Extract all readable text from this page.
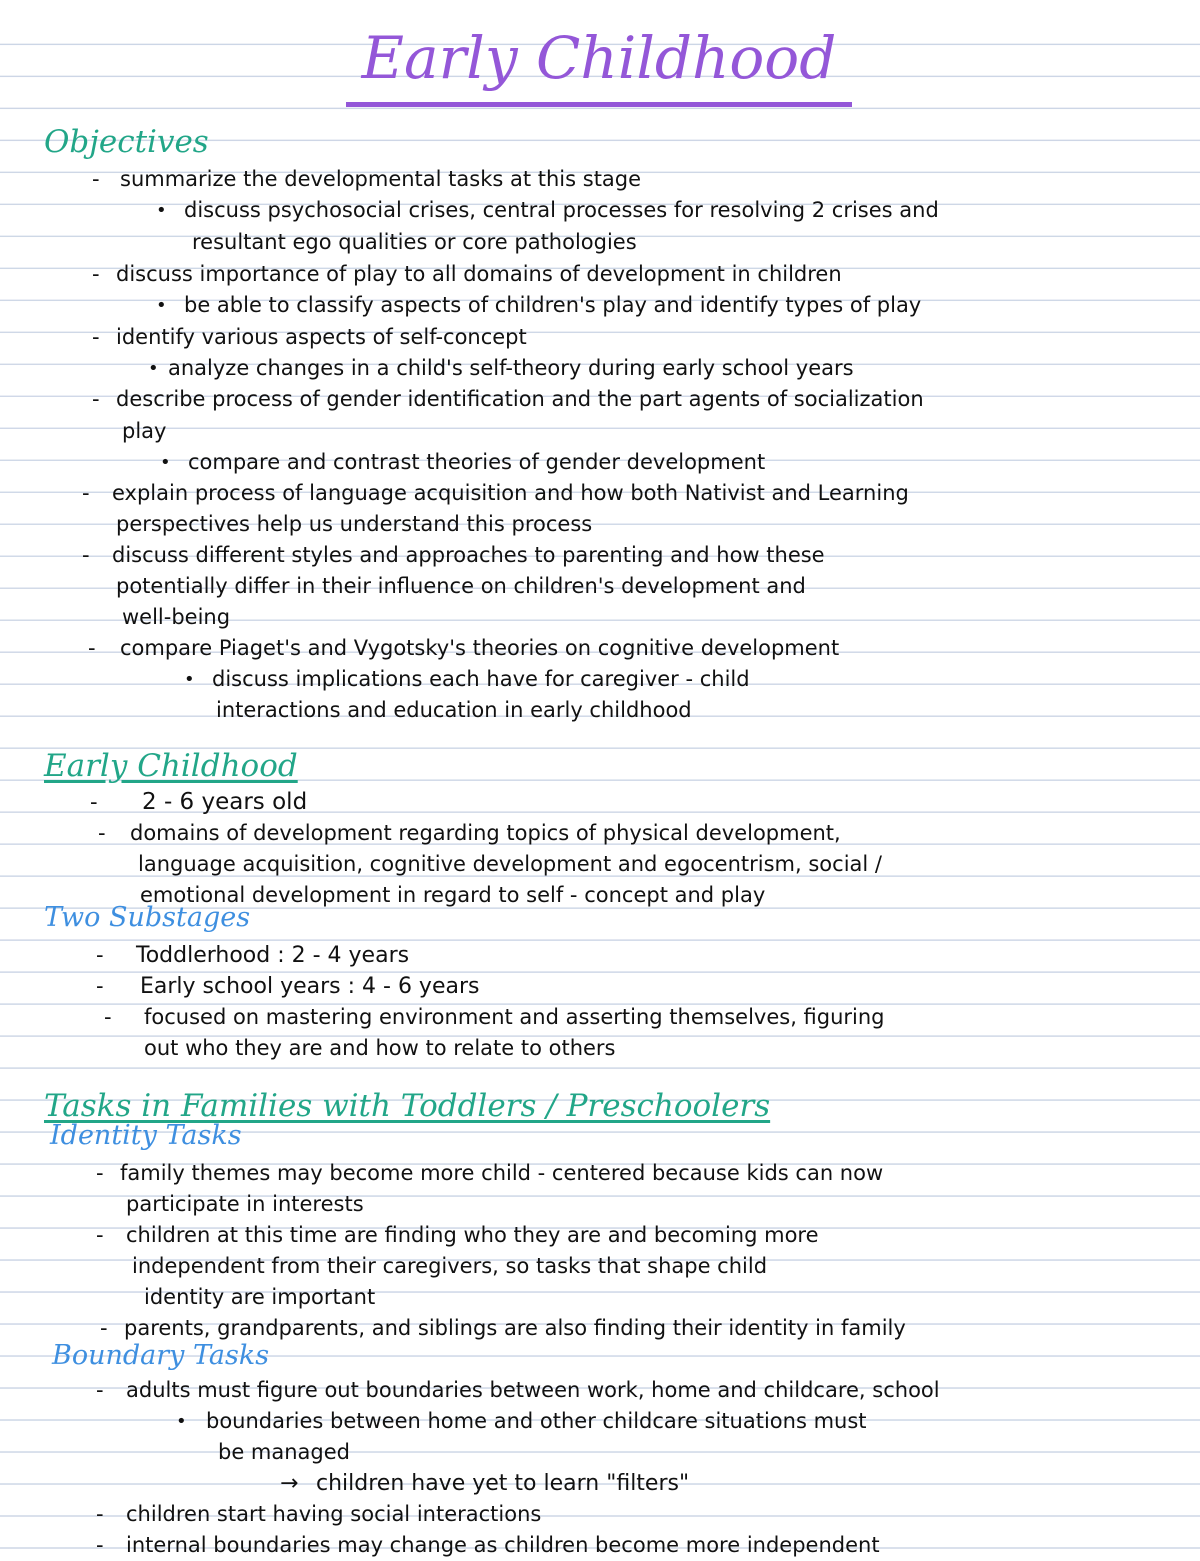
Early Childhood
Objectives
- summarize the developmental tasks at this stage
• discuss psychosocial crises, central processes for resolving 2 crises and
resultant ego qualities or core pathologies
- discuss importance of play to all domains of development in children
• be able to classify aspects of children's play and identify types of play
- identify various aspects of self-concept
• analyze changes in a child's self-theory during early school years
- describe process of gender identification and the part agents of socialization
play
• compare and contrast theories of gender development
- explain process of language acquisition and how both Nativist and Learning
perspectives help us understand this process
- discuss different styles and approaches to parenting and how these
potentially differ in their influence on children's development and
well-being
- compare Piaget's and Vygotsky's theories on cognitive development
• discuss implications each have for caregiver - child
interactions and education in early childhood
Early Childhood
- 2 - 6 years old
- domains of development regarding topics of physical development,
language acquisition, cognitive development and egocentrism, social /
emotional development in regard to self - concept and play
Two Substages
- Toddlerhood : 2 - 4 years
- Early school years : 4 - 6 years
- focused on mastering environment and asserting themselves, figuring
out who they are and how to relate to others
Tasks in Families with Toddlers / Preschoolers
Identity Tasks
- family themes may become more child - centered because kids can now
participate in interests
- children at this time are finding who they are and becoming more
independent from their caregivers, so tasks that shape child
identity are important
- parents, grandparents, and siblings are also finding their identity in family
Boundary Tasks
- adults must figure out boundaries between work, home and childcare, school
• boundaries between home and other childcare situations must
be managed
→ children have yet to learn "filters"
- children start having social interactions
- internal boundaries may change as children become more independent
